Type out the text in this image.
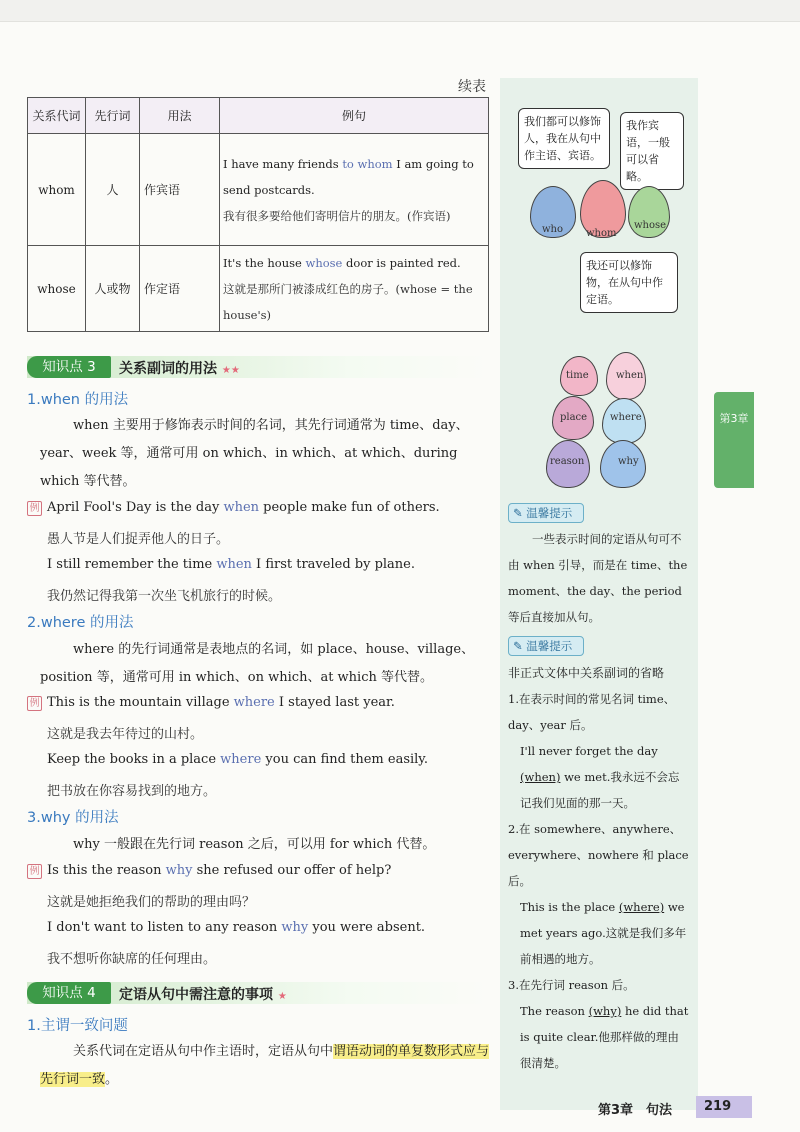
续表
关系代词	先行词	用法	例句
whom	人	作宾语	I have many friends to whom I am going to send postcards.
我有很多要给他们寄明信片的朋友。(作宾语)
whose	人或物	作定语	It's the house whose door is painted red.
这就是那所门被漆成红色的房子。(whose = the house's)
我们都可以修饰人，我在从句中作主语、宾语。
我作宾语，一般可以省略。
who whom
whose
我还可以修饰物，在从句中作定语。
time	when
place where
reason	why
✎ 温馨提示
一些表示时间的定语从句可不由 when 引导，而是在 time、the moment、the day、the period 等后直接加从句。
✎ 温馨提示
非正式文体中关系副词的省略
1.在表示时间的常见名词 time、day、year 后。
I'll never forget the day (when) we met.我永远不会忘记我们见面的那一天。
2.在 somewhere、anywhere、everywhere、nowhere 和 place 后。
This is the place (where) we met years ago.这就是我们多年前相遇的地方。
3.在先行词 reason 后。
The reason (why) he did that is quite clear.他那样做的理由很清楚。
第3章
知识点 3	关系副词的用法 ★★
1.when 的用法
when 主要用于修饰表示时间的名词，其先行词通常为 time、day、year、week 等，通常可用 on which、in which、at which、during which 等代替。
例 April Fool's Day is the day when people make fun of others.
愚人节是人们捉弄他人的日子。
I still remember the time when I first traveled by plane.
我仍然记得我第一次坐飞机旅行的时候。
2.where 的用法
where 的先行词通常是表地点的名词，如 place、house、village、position 等，通常可用 in which、on which、at which 等代替。
例 This is the mountain village where I stayed last year.
这就是我去年待过的山村。
Keep the books in a place where you can find them easily.
把书放在你容易找到的地方。
3.why 的用法
why 一般跟在先行词 reason 之后，可以用 for which 代替。
例 Is this the reason why she refused our offer of help?
这就是她拒绝我们的帮助的理由吗？
I don't want to listen to any reason why you were absent.
我不想听你缺席的任何理由。
知识点 4	定语从句中需注意的事项 ★
1.主谓一致问题
关系代词在定语从句中作主语时，定语从句中谓语动词的单复数形式应与先行词一致。
第3章　句法	219
